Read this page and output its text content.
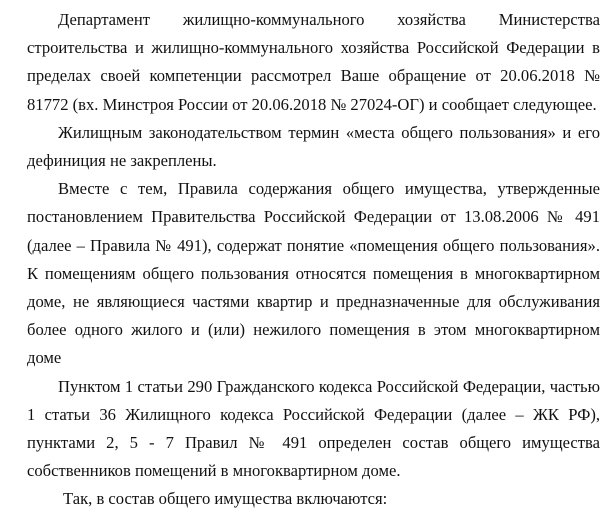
Департамент жилищно-коммунального хозяйства Министерства строительства и жилищно-коммунального хозяйства Российской Федерации в пределах своей компетенции рассмотрел Ваше обращение от 20.06.2018 № 81772 (вх. Минстроя России от 20.06.2018 № 27024-ОГ) и сообщает следующее.

Жилищным законодательством термин «места общего пользования» и его дефиниция не закреплены.

Вместе с тем, Правила содержания общего имущества, утвержденные постановлением Правительства Российской Федерации от 13.08.2006 № 491 (далее – Правила № 491), содержат понятие «помещения общего пользования». К помещениям общего пользования относятся помещения в многоквартирном доме, не являющиеся частями квартир и предназначенные для обслуживания более одного жилого и (или) нежилого помещения в этом многоквартирном доме

Пунктом 1 статьи 290 Гражданского кодекса Российской Федерации, частью 1 статьи 36 Жилищного кодекса Российской Федерации (далее – ЖК РФ), пунктами 2, 5 - 7 Правил № 491 определен состав общего имущества собственников помещений в многоквартирном доме.

Так, в состав общего имущества включаются:
